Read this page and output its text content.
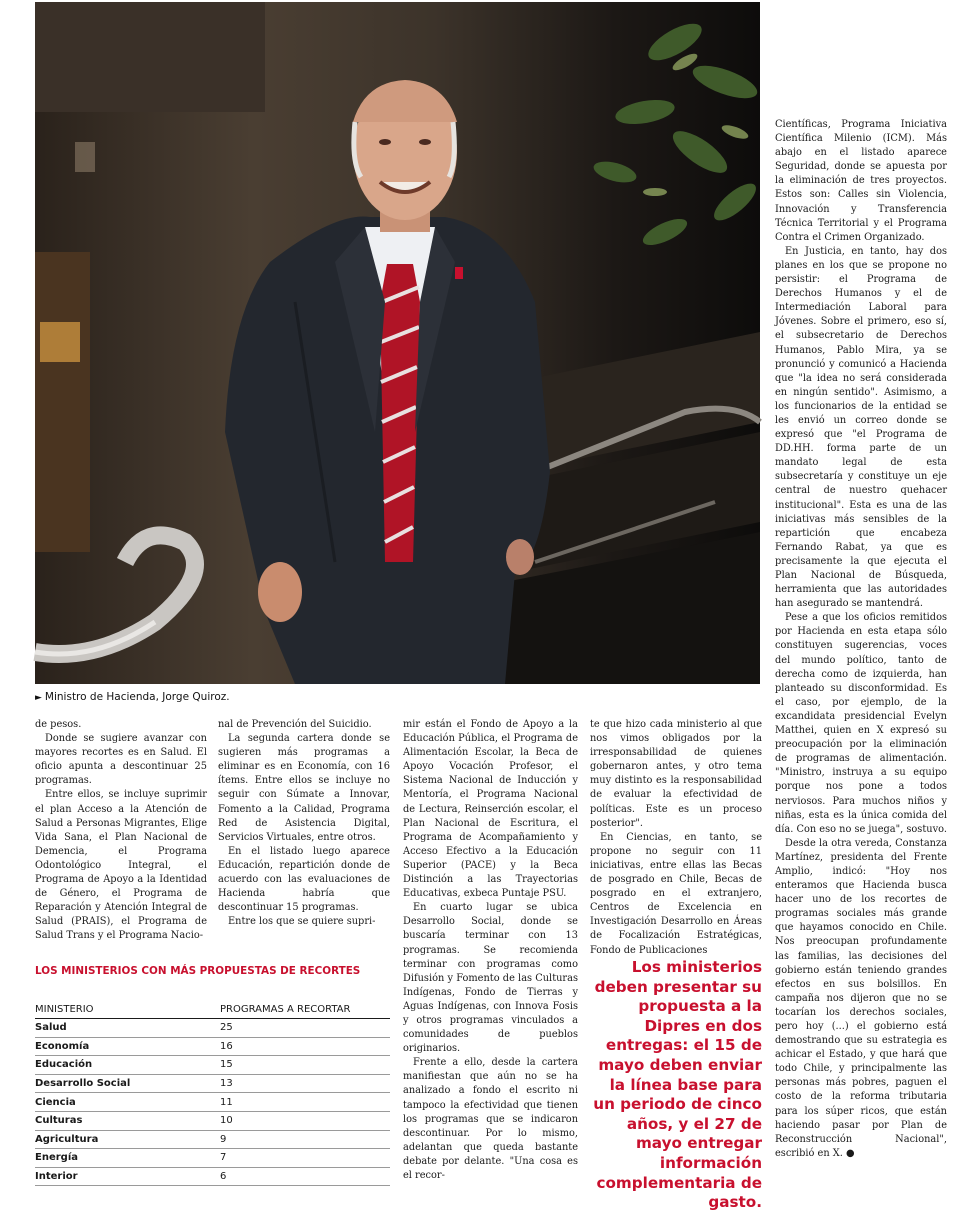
► Ministro de Hacienda, Jorge Quiroz.

de pesos.

Donde se sugiere avanzar con mayores recortes es en Salud. El oficio apunta a descontinuar 25 programas.

Entre ellos, se incluye suprimir el plan Acceso a la Atención de Salud a Personas Migrantes, Elige Vida Sana, el Plan Nacional de Demencia, el Programa Odontológico Integral, el Programa de Apoyo a la Identidad de Género, el Programa de Reparación y Atención Integral de Salud (PRAIS), el Programa de Salud Trans y el Programa Nacio-

nal de Prevención del Suicidio.

La segunda cartera donde se sugieren más programas a eliminar es en Economía, con 16 ítems. Entre ellos se incluye no seguir con Súmate a Innovar, Fomento a la Calidad, Programa Red de Asistencia Digital, Servicios Virtuales, entre otros.

En el listado luego aparece Educación, repartición donde de acuerdo con las evaluaciones de Hacienda habría que descontinuar 15 programas.

Entre los que se quiere supri-

mir están el Fondo de Apoyo a la Educación Pública, el Programa de Alimentación Escolar, la Beca de Apoyo Vocación Profesor, el Sistema Nacional de Inducción y Mentoría, el Programa Nacional de Lectura, Reinserción escolar, el Plan Nacional de Escritura, el Programa de Acompañamiento y Acceso Efectivo a la Educación Superior (PACE) y la Beca Distinción a las Trayectorias Educativas, exbeca Puntaje PSU.

En cuarto lugar se ubica Desarrollo Social, donde se buscaría terminar con 13 programas. Se recomienda terminar con programas como Difusión y Fomento de las Culturas Indígenas, Fondo de Tierras y Aguas Indígenas, con Innova Fosis y otros programas vinculados a comunidades de pueblos originarios.

Frente a ello, desde la cartera manifiestan que aún no se ha analizado a fondo el escrito ni tampoco la efectividad que tienen los programas que se indicaron descontinuar. Por lo mismo, adelantan que queda bastante debate por delante. "Una cosa es el recor-

te que hizo cada ministerio al que nos vimos obligados por la irresponsabilidad de quienes gobernaron antes, y otro tema muy distinto es la responsabilidad de evaluar la efectividad de políticas. Este es un proceso posterior".

En Ciencias, en tanto, se propone no seguir con 11 iniciativas, entre ellas las Becas de posgrado en Chile, Becas de posgrado en el extranjero, Centros de Excelencia en Investigación Desarrollo en Áreas de Focalización Estratégicas, Fondo de Publicaciones

Científicas, Programa Iniciativa Científica Milenio (ICM). Más abajo en el listado aparece Seguridad, donde se apuesta por la eliminación de tres proyectos. Estos son: Calles sin Violencia, Innovación y Transferencia Técnica Territorial y el Programa Contra el Crimen Organizado.

En Justicia, en tanto, hay dos planes en los que se propone no persistir: el Programa de Derechos Humanos y el de Intermediación Laboral para Jóvenes. Sobre el primero, eso sí, el subsecretario de Derechos Humanos, Pablo Mira, ya se pronunció y comunicó a Hacienda que "la idea no será considerada en ningún sentido". Asimismo, a los funcionarios de la entidad se les envió un correo donde se expresó que "el Programa de DD.HH. forma parte de un mandato legal de esta subsecretaría y constituye un eje central de nuestro quehacer institucional". Esta es una de las iniciativas más sensibles de la repartición que encabeza Fernando Rabat, ya que es precisamente la que ejecuta el Plan Nacional de Búsqueda, herramienta que las autoridades han asegurado se mantendrá.

Pese a que los oficios remitidos por Hacienda en esta etapa sólo constituyen sugerencias, voces del mundo político, tanto de derecha como de izquierda, han planteado su disconformidad. Es el caso, por ejemplo, de la excandidata presidencial Evelyn Matthei, quien en X expresó su preocupación por la eliminación de programas de alimentación. "Ministro, instruya a su equipo porque nos pone a todos nerviosos. Para muchos niños y niñas, esta es la única comida del día. Con eso no se juega", sostuvo.

Desde la otra vereda, Constanza Martínez, presidenta del Frente Amplio, indicó: "Hoy nos enteramos que Hacienda busca hacer uno de los recortes de programas sociales más grande que hayamos conocido en Chile. Nos preocupan profundamente las familias, las decisiones del gobierno están teniendo grandes efectos en sus bolsillos. En campaña nos dijeron que no se tocarían los derechos sociales, pero hoy (...) el gobierno está demostrando que su estrategia es achicar el Estado, y que hará que todo Chile, y principalmente las personas más pobres, paguen el costo de la reforma tributaria para los súper ricos, que están haciendo pasar por Plan de Reconstrucción Nacional", escribió en X. ●

Los ministerios deben presentar su propuesta a la Dipres en dos entregas: el 15 de mayo deben enviar la línea base para un periodo de cinco años, y el 27 de mayo entregar información complementaria de gasto.
LOS MINISTERIOS CON MÁS PROPUESTAS DE RECORTES
MINISTERIO	PROGRAMAS A RECORTAR
Salud	25
Economía	16
Educación	15
Desarrollo Social	13
Ciencia	11
Culturas	10
Agricultura	9
Energía	7
Interior	6
